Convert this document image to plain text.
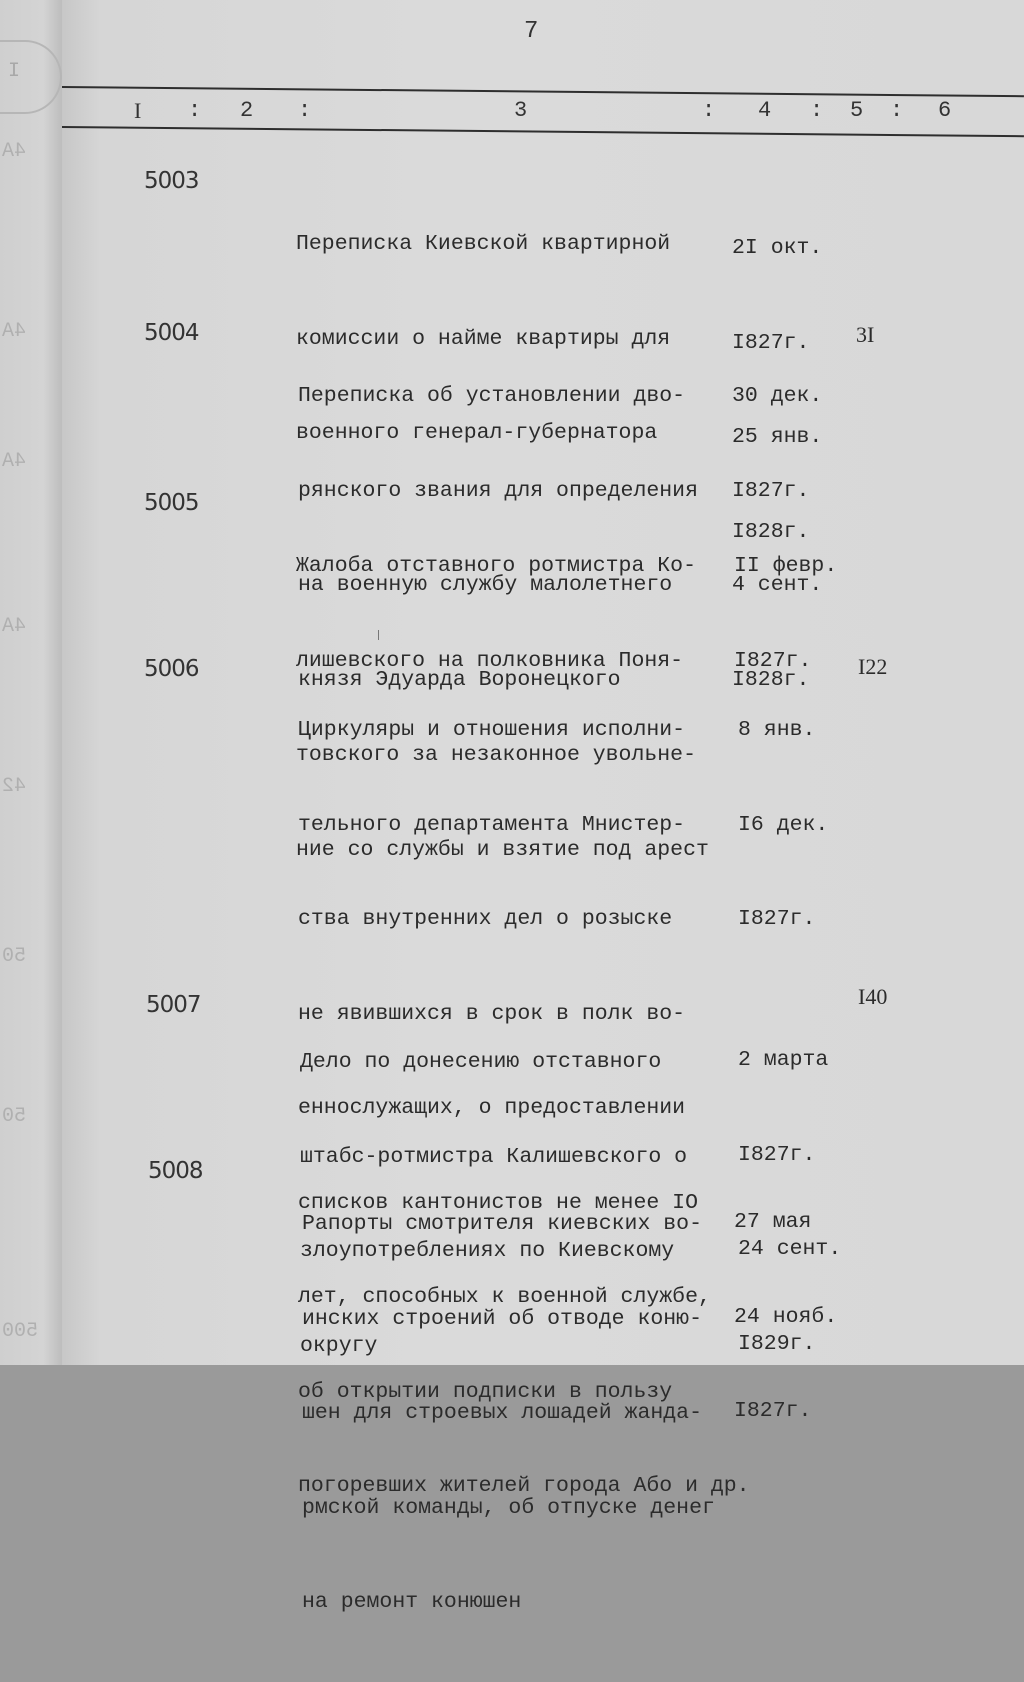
I
4A
4A
4A
4A
42
50
50
500
7
I : 2 :	3	: 4 : 5 : 6
5003

Переписка Киевской квартирной

комиссии о найме квартиры для

военного генерал-губернатора

2I окт.

I827г.

25 янв.

I828г.

5004

Переписка об установлении дво-

рянского звания для определения

на военную службу малолетнего

князя Эдуарда Воронецкого

30 дек.

I827г.

4 сент.

I828г.

3I
5005

Жалоба отставного ротмистра Ко-

лишевского на полковника Поня-

товского за незаконное увольне-

ние со службы и взятие под арест

II февр.

I827г.

5006

Циркуляры и отношения исполни-

тельного департамента Мнистер-

ства внутренних дел о розыске

не явившихся в срок в полк во-

еннослужащих, о предоставлении

списков кантонистов не менее IO

лет, способных к военной службе,

об открытии подписки в пользу

погоревших жителей города Або и др.

8 янв.

I6 дек.

I827г.

I22
5007

Дело по донесению отставного

штабс-ротмистра Калишевского о

злоупотреблениях по Киевскому

округу

2 марта

I827г.

24 сент.

I829г.

I40
5008

Рапорты смотрителя киевских во-

инских строений об отводе коню-

шен для строевых лошадей жанда-

рмской команды, об отпуске денег

на ремонт конюшен

27 мая

24 нояб.

I827г.
